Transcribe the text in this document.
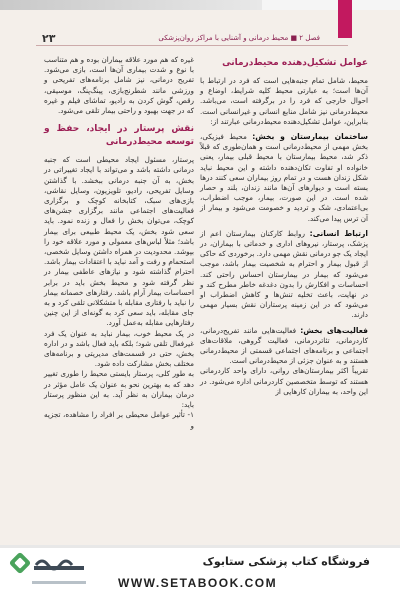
فصل ۲ ■ محیط درمانی و آشنایی با مراکز روان‌پزشکی
۲۳
عوامل تشکیل‌دهنده محیط‌درمانی

محیط، شامل تمام جنبه‌هایی است که فرد در ارتباط با آن‌ها است؛ به عبارتی محیط کلیه شرایط، اوضاع و احوال خارجی که فرد را در برگرفته است، می‌باشد. محیط‌درمانی نیز شامل منابع انسانی و غیرانسانی است. بنابراین، عوامل تشکیل‌دهنده محیط‌درمانی عبارتند از:

ساختمان بیمارستان و بخش: محیط فیزیکی، بخش مهمی از محیط‌درمانی است و همان‌طوری که قبلاً ذکر شد، محیط بیمارستان با محیط قبلی بیمار، یعنی خانواده او تفاوت تکان‌دهنده داشته و این محیط نباید شکل زندان هست و در تمام روز بیماران سعی کنند درها بسته است و دیوارهای آن‌ها مانند زندان، بلند و حصار شده است. در این صورت، بیمار، موجب اضطراب، بی‌اعتمادی، شک و تردید و خصومت می‌شود و بیمار از آن ترس پیدا می‌کند.

ارتباط انسانی: روابط کارکنان بیمارستان اعم از پزشک، پرستار، نیروهای اداری و خدماتی با بیماران، در ایجاد یک جو درمانی نقش مهمی دارد. برخوردی که حاکی از قبول بیمار و احترام به شخصیت بیمار باشد، موجب می‌شود که بیمار در بیمارستان احساس راحتی کند. احساسات و افکارش را بدون دغدغه خاطر مطرح کند و در نهایت، باعث تخلیه تنش‌ها و کاهش اضطراب او می‌شود که در این زمینه پرستاران نقش بسیار مهمی دارند.

فعالیت‌های بخش: فعالیت‌هایی مانند تفریح‌درمانی، کاردرمانی، تئاتردرمانی، فعالیت گروهی، ملاقات‌های اجتماعی و برنامه‌های اجتماعی قسمتی از محیط‌درمانی هستند و به عنوان جزئی از محیط‌درمانی است.

تقریباً اکثر بیمارستان‌های روانی، دارای واحد کاردرمانی هستند که توسط متخصصین کاردرمانی اداره می‌شود. در این واحد، به بیماران کارهایی از

غیره که هم مورد علاقه بیماران بوده و هم متناسب با نوع و شدت بیماری آن‌ها است، بازی می‌شود. تفریح درمانی، نیز شامل برنامه‌های تفریحی و ورزشی مانند شطرنج‌بازی، پینگ‌پنگ، موسیقی، رقص، گوش کردن به رادیو، تماشای فیلم و غیره که در جهت بهبود و راحتی بیمار تلقی می‌شود.

نقش پرستار در ایجاد، حفظ و توسعه محیط‌درمانی

پرستار، مسئول ایجاد محیطی است که جنبه درمانی داشته باشد و می‌تواند با ایجاد تغییراتی در بخش، به آن جنبه درمانی ببخشد. با گذاشتن وسایل تفریحی، رادیو، تلویزیون، وسایل نقاشی، بازی‌های سبک، کتابخانه کوچک و برگزاری فعالیت‌های اجتماعی مانند برگزاری جشن‌های کوچک، می‌توان بخش را فعال و زنده نمود. باید سعی شود بخش، یک محیط طبیعی برای بیمار باشد؛ مثلاً لباس‌های معمولی و مورد علاقه خود را بپوشد. محدودیت در همراه داشتن وسایل شخصی، استحمام و رفت و آمد نباید با اعتقادات بیمار باشد. احترام گذاشته شود و نیازهای عاطفی بیمار در نظر گرفته شود و محیط بخش باید در برابر احساسات بیمار آرام باشد. رفتارهای خصمانه بیمار را نباید با رفتاری مقابله با متشکلانی تلقی کرد و به جای مقابله، باید سعی کرد به گونه‌ای از این چنین رفتارهایی مقابله به‌عمل آورد.

در یک محیط خوب، بیمار نباید به عنوان یک فرد غیرفعال تلقی شود؛ بلکه باید فعال باشد و در اداره بخش، حتی در قسمت‌های مدیریتی و برنامه‌های مختلف بخش مشارکت داده شود.

به طور کلی، پرستار بایستی محیط را طوری تغییر دهد که به بهترین نحو به عنوان یک عامل مؤثر در درمان بیماران به نظر آید. به این منظور پرستار باید:

۱- تأثیر عوامل محیطی بر افراد را مشاهده، تجزیه و

WWW.SETABOOK.COM
فروشگاه کتاب پزشکی ستابوک
